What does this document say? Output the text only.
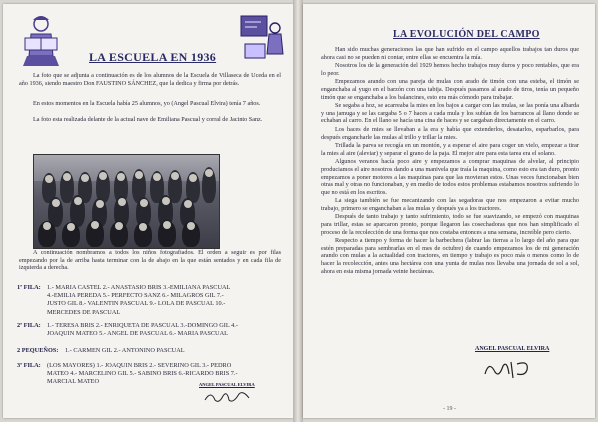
LA ESCUELA EN 1936

La foto que se adjunta a continuación es de los alumnos de la Escuela de Villaseca de Uceda en el año 1936, siendo maestro Don FAUSTINO SÁNCHEZ, que la dedica y firma por detrás.

En estos momentos en la Escuela había 25 alumnos, yo (Angel Pascual Elvira) tenía 7 años.

La foto esta realizada delante de la actual nave de Emiliana Pascual y corral de Jacinto Sanz.

A continuación nombramos a todos los niños fotografiados. El orden a seguir es por filas empezando por la de arriba hasta terminar con la de abajo en la que están sentados y en cada fila de izquierda a derecha.

1ª FILA: 1.- MARIA CASTEL 2.- ANASTASIO BRIS 3.-EMILIANA PASCUAL
4.-EMILIA PEREDA 5.- PERFECTO SANZ 6.- MILAGROS GIL 7.-
JUSTO GIL 8.- VALENTIN PASCUAL 9.- LOLA DE PASCUAL 10.-
MERCEDES DE PASCUAL

2ª FILA: 1.- TERESA BRIS 2.- ENRIQUETA DE PASCUAL 3.-DOMINGO GIL 4.-
JOAQUIN MATEO 5.- ANGEL DE PASCUAL 6.- MARIA PASCUAL

2 PEQUEÑOS: 1.- CARMEN GIL 2.- ANTONINO PASCUAL

3ª FILA: (LOS MAYORES) 1.- JOAQUIN BRIS 2.- SEVERINO GIL 3.- PEDRO
MATEO 4.- MARCELINO GIL 5.- SABINO BRIS 6.-RICARDO BRIS 7.-
MARCIAL MATEO	ANGEL PASCUAL ELVIRA
LA EVOLUCIÓN DEL CAMPO

Han sido muchas generaciones las que han sufrido en el campo aquellos trabajos tan duros que ahora casi no se pueden ni contar, entre ellas se encuentra la mía.

Nosotros los de la generación del 1929 hemos hecho trabajos muy duros y poco rentables, que era lo peor.

Empezamos arando con una pareja de mulas con arado de timón con una esteba, el timón se enganchaba al yugo en el barzón con una tabija. Después pasamos al arado de tiros, tenía un pequeño timón que se enganchaba a los balancines, esto era más cómodo para trabajar.

Se segaba a hoz, se acarreaba la mies en los bajos a cargar con las mulas, se las ponía una albarda y una jamuga y se las cargaba 5 o 7 haces a cada mula y los subían de los barrancos al llano donde se echaban al carro. En el llano se hacía una cina de haces y se cargaban directamente en el carro.

Los haces de mies se llevaban a la era y había que extenderlos, desatarlos, esparbarlos, para después engancharle las mulas al trillo y trillar la mies.

Trillada la parva se recogía en un montón, y a esperar el aire para coger un vielo, empezar a tirar la mies al aire (aleviar) y separar el grano de la paja. El mejor aire para esta tarea era el solano.

Algunos veranos hacía poco aire y empezamos a comprar maquinas de alvelar, al principio produciamos el aire nosotros dando a una manivela que traía la maquina, como esto era tan duro, pronto empezamos a poner motores a las maquinas para que las movieran estos. Unas veces funcionaban bien otras mal y otras no funcionaban, y en medio de todos estos problemas estabamos nosotros sufriendo lo que no está en los escritos.

La siega también se fue mecanizando con las segadoras que nos empezaron a evitar mucho trabajo, primero se enganchaban a las mulas y después ya a los tractores.

Después de tanto trabajo y tanto sufrimiento, todo se fue suavizando, se empezó con maquinas para trillar, estas se aparcaron pronto, porque llegaron las cosechadoras que nos han simplificado el proceso de la recolección de una forma que nos costaba entonces a una semana, increíble pero cierto.

Respecto a tiempo y forma de hacer la barbechera (labrar las tierras a lo largo del año para que estén preparadas para sembrarlas en el mes de octubre) de cuando empezamos los de mi generación arando con mulas a la actualidad con tractores, en tiempo y trabajo es poco más o menos como lo de hacer la recolección, antes una hectárea con una yunta de mulas nos llevaba una jornada de sol a sol, ahora en esta misma jornada veinte hectáreas.

ANGEL PASCUAL ELVIRA
- 19 -
